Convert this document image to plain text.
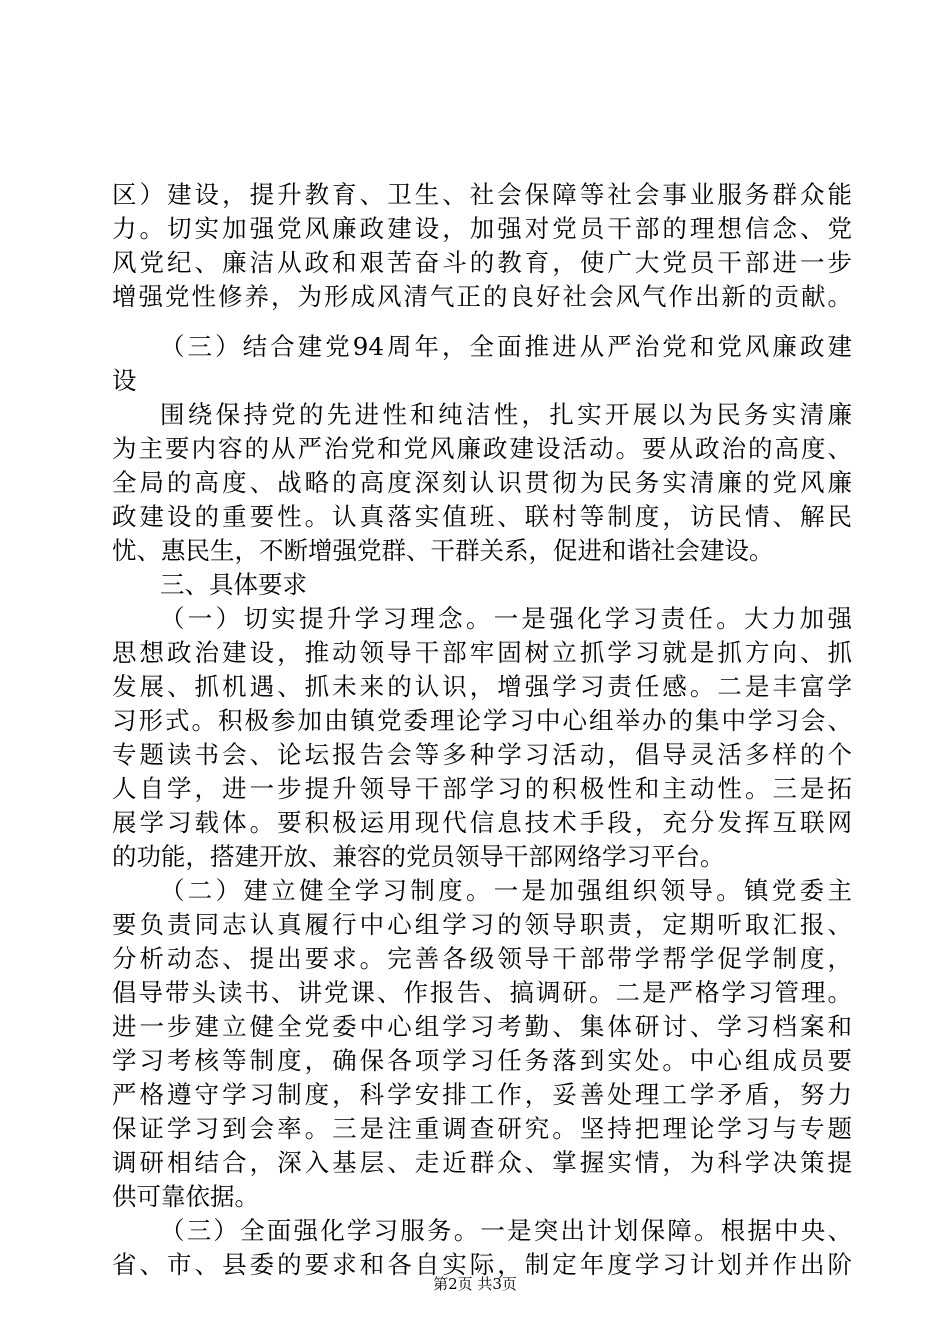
区）建设，提升教育、卫生、社会保障等社会事业服务群众能
力。切实加强党风廉政建设，加强对党员干部的理想信念、党
风党纪、廉洁从政和艰苦奋斗的教育，使广大党员干部进一步
增强党性修养，为形成风清气正的良好社会风气作出新的贡献。
（三）结合建党94周年，全面推进从严治党和党风廉政建
设
围绕保持党的先进性和纯洁性，扎实开展以为民务实清廉
为主要内容的从严治党和党风廉政建设活动。要从政治的高度、
全局的高度、战略的高度深刻认识贯彻为民务实清廉的党风廉
政建设的重要性。认真落实值班、联村等制度，访民情、解民
忧、惠民生，不断增强党群、干群关系，促进和谐社会建设。
三、具体要求
（一）切实提升学习理念。一是强化学习责任。大力加强
思想政治建设，推动领导干部牢固树立抓学习就是抓方向、抓
发展、抓机遇、抓未来的认识，增强学习责任感。二是丰富学
习形式。积极参加由镇党委理论学习中心组举办的集中学习会、
专题读书会、论坛报告会等多种学习活动，倡导灵活多样的个
人自学，进一步提升领导干部学习的积极性和主动性。三是拓
展学习载体。要积极运用现代信息技术手段，充分发挥互联网
的功能，搭建开放、兼容的党员领导干部网络学习平台。
（二）建立健全学习制度。一是加强组织领导。镇党委主
要负责同志认真履行中心组学习的领导职责，定期听取汇报、
分析动态、提出要求。完善各级领导干部带学帮学促学制度，
倡导带头读书、讲党课、作报告、搞调研。二是严格学习管理。
进一步建立健全党委中心组学习考勤、集体研讨、学习档案和
学习考核等制度，确保各项学习任务落到实处。中心组成员要
严格遵守学习制度，科学安排工作，妥善处理工学矛盾，努力
保证学习到会率。三是注重调查研究。坚持把理论学习与专题
调研相结合，深入基层、走近群众、掌握实情，为科学决策提
供可靠依据。
（三）全面强化学习服务。一是突出计划保障。根据中央、
省、市、县委的要求和各自实际，制定年度学习计划并作出阶
第2页 共3页
